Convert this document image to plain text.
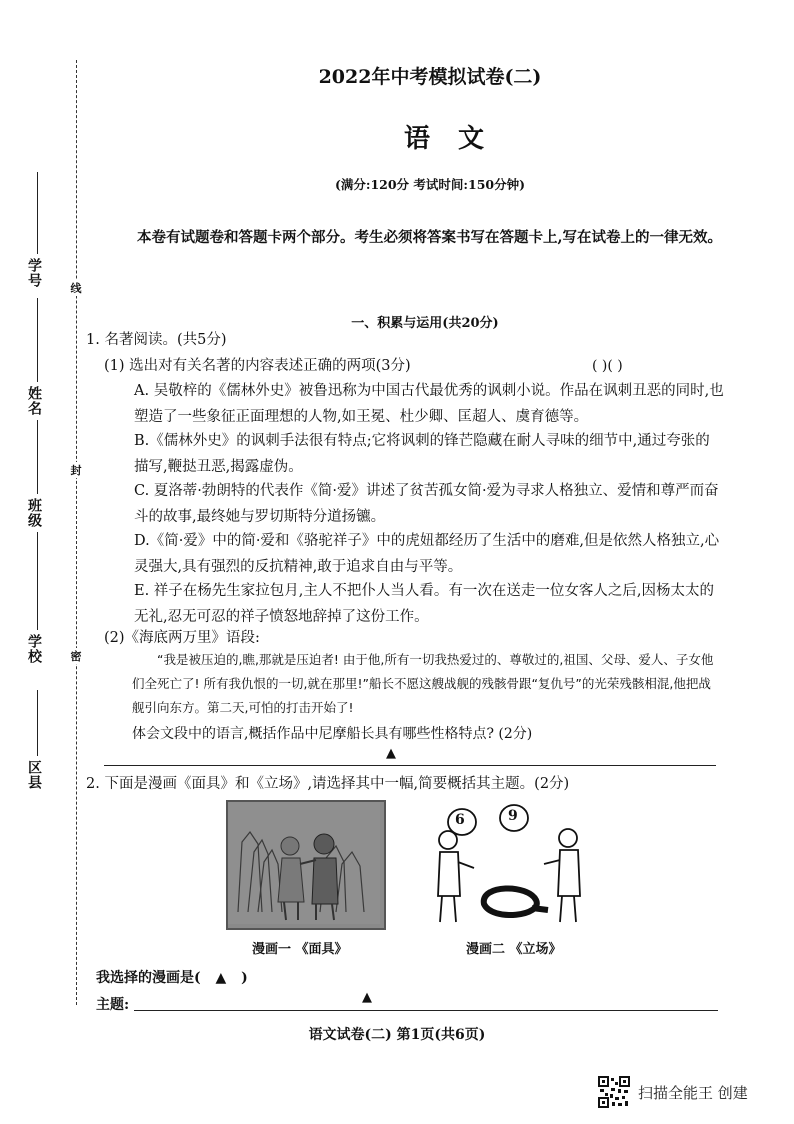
线
封
密
学号
姓名
班级
学校
区县
2022年中考模拟试卷(二)
语文
(满分:120分 考试时间:150分钟)
本卷有试题卷和答题卡两个部分。考生必须将答案书写在答题卡上,写在试卷上的一律无效。
一、积累与运用(共20分)
1. 名著阅读。(共5分)
(1) 选出对有关名著的内容表述正确的两项(3分)	( )( )
A. 吴敬梓的《儒林外史》被鲁迅称为中国古代最优秀的讽刺小说。作品在讽刺丑恶的同时,也塑造了一些象征正面理想的人物,如王冕、杜少卿、匡超人、虞育德等。
B.《儒林外史》的讽刺手法很有特点;它将讽刺的锋芒隐藏在耐人寻味的细节中,通过夸张的描写,鞭挞丑恶,揭露虚伪。
C. 夏洛蒂·勃朗特的代表作《简·爱》讲述了贫苦孤女简·爱为寻求人格独立、爱情和尊严而奋斗的故事,最终她与罗切斯特分道扬镳。
D.《简·爱》中的简·爱和《骆驼祥子》中的虎妞都经历了生活中的磨难,但是依然人格独立,心灵强大,具有强烈的反抗精神,敢于追求自由与平等。
E. 祥子在杨先生家拉包月,主人不把仆人当人看。有一次在送走一位女客人之后,因杨太太的无礼,忍无可忍的祥子愤怒地辞掉了这份工作。
(2)《海底两万里》语段:
“我是被压迫的,瞧,那就是压迫者! 由于他,所有一切我热爱过的、尊敬过的,祖国、父母、爱人、子女他们全死亡了! 所有我仇恨的一切,就在那里!”船长不愿这艘战舰的残骸骨跟“复仇号”的光荣残骸相混,他把战舰引向东方。第二天,可怕的打击开始了!
体会文段中的语言,概括作品中尼摩船长具有哪些性格特点? (2分)
▲
2. 下面是漫画《面具》和《立场》,请选择其中一幅,简要概括其主题。(2分)
6	9
漫画一 《面具》	漫画二 《立场》
我选择的漫画是( ▲ )
主题:	▲
语文试卷(二) 第1页(共6页)
扫描全能王 创建
